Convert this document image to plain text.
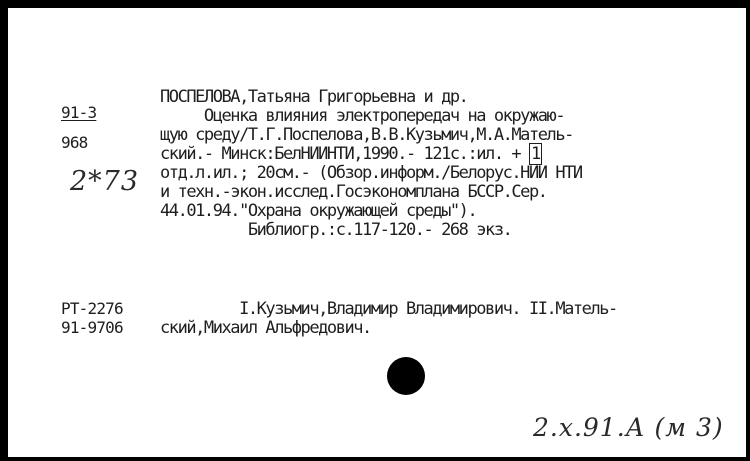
91-3
968
2*73
ПОСПЕЛОВА,Татьяна Григорьевна и др.
Оценка влияния электропередач на окружаю-
щую среду/Т.Г.Поспелова,В.В.Кузьмич,М.А.Матель-
ский.- Минск:БелНИИНТИ,1990.- 121с.:ил. + 1
отд.л.ил.; 20см.- (Обзор.информ./Белорус.НИИ НТИ
и техн.-экон.исслед.Госэкономплана БССР.Сер.
44.01.94."Охрана окружающей среды").
Библиогр.:с.117-120.- 268 экз.
РТ-2276
91-9706
I.Кузьмич,Владимир Владимирович. II.Матель-
ский,Михаил Альфредович.
2.х.91.А (м 3)
